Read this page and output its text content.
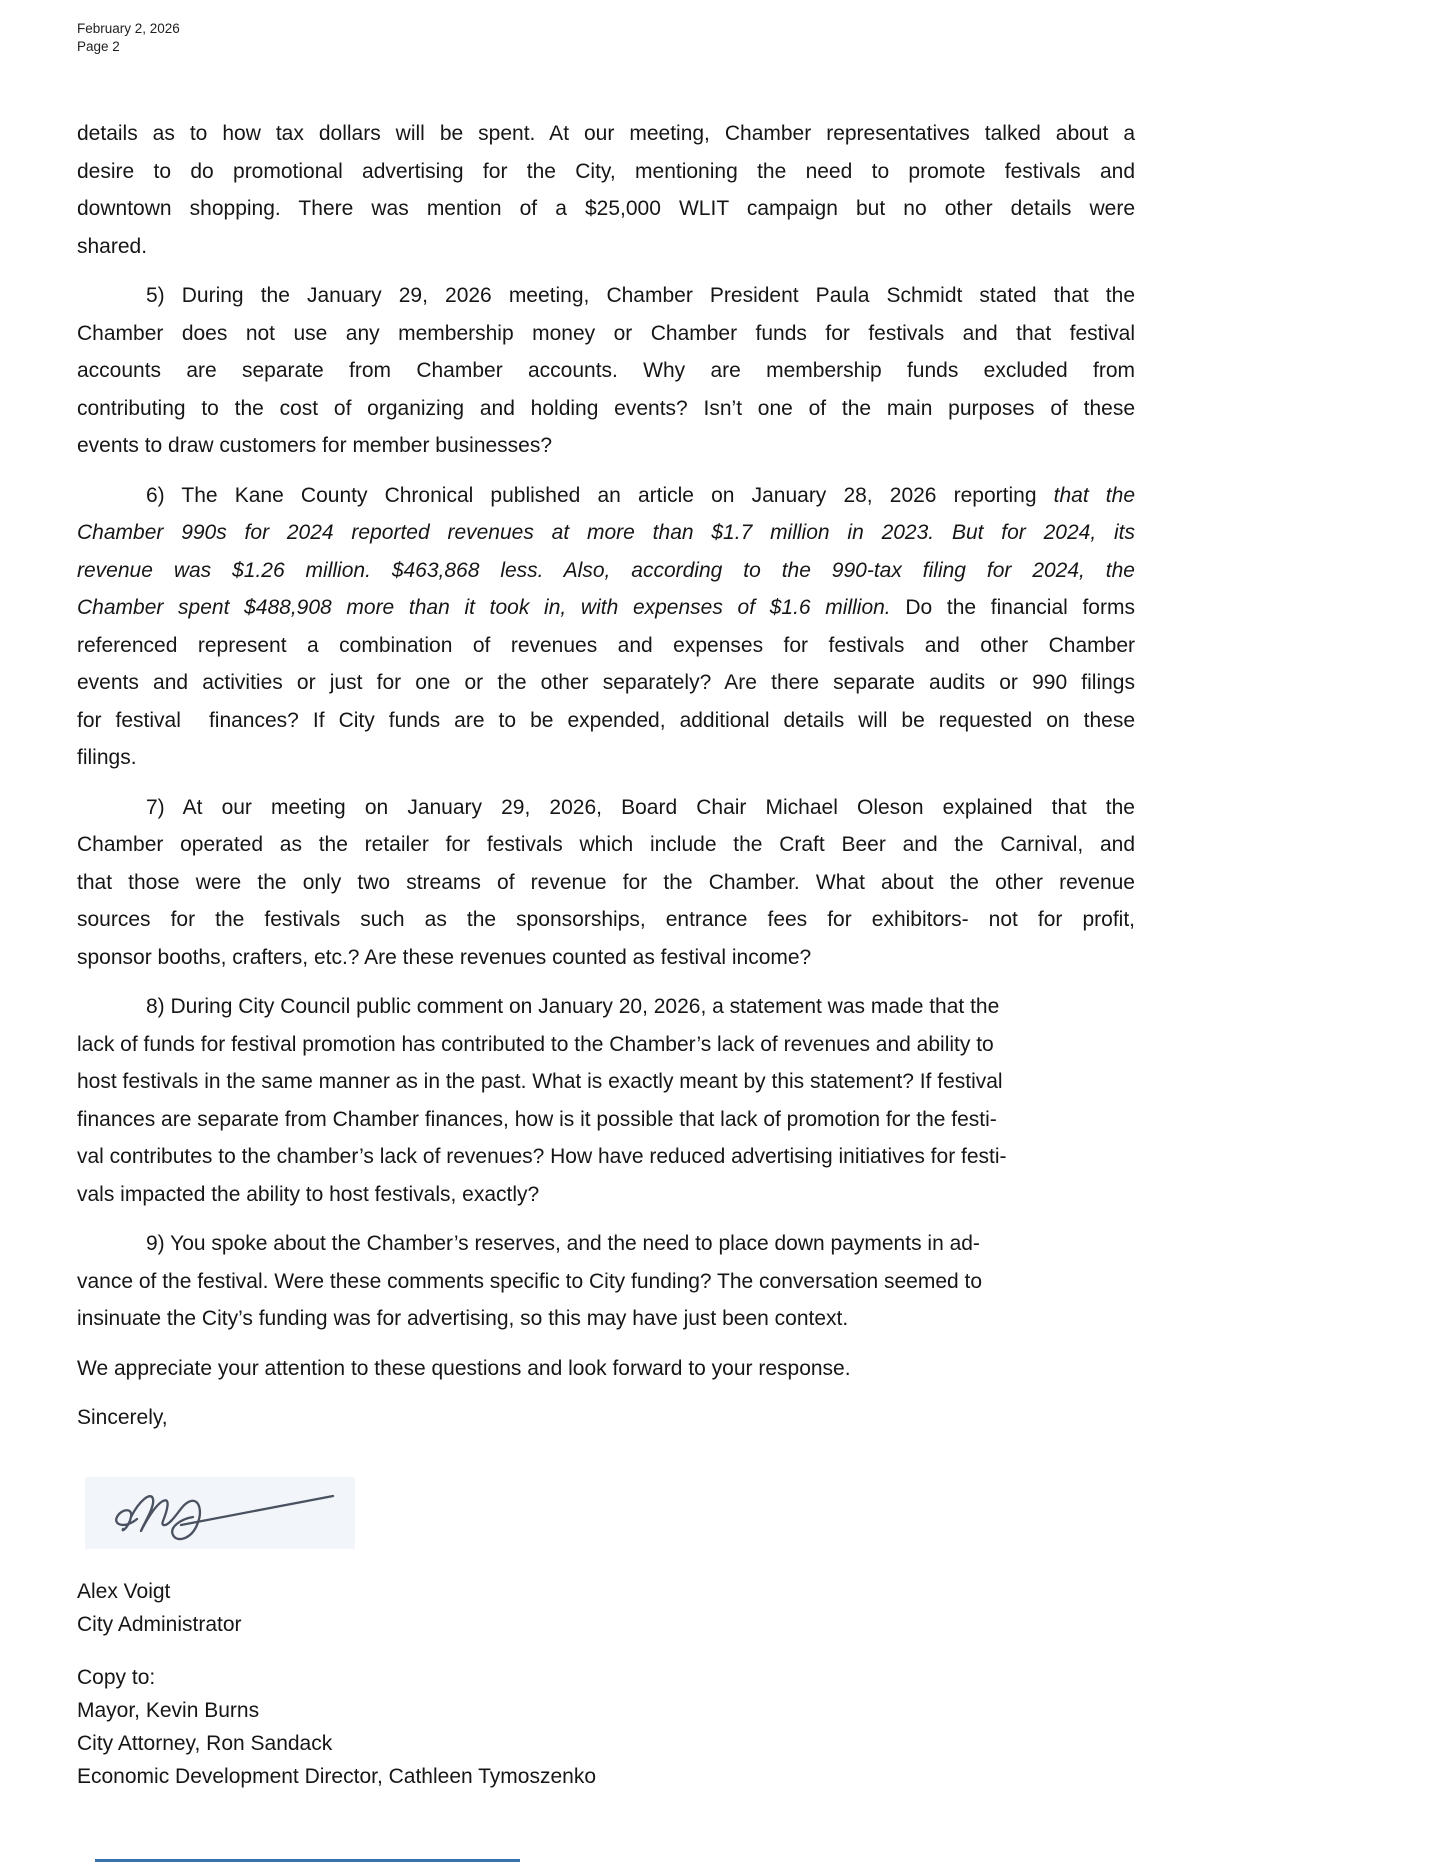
February 2, 2026
Page 2
details as to how tax dollars will be spent. At our meeting, Chamber representatives talked about a
desire to do promotional advertising for the City, mentioning the need to promote festivals and
downtown shopping. There was mention of a $25,000 WLIT campaign but no other details were
shared.
5) During the January 29, 2026 meeting, Chamber President Paula Schmidt stated that the
Chamber does not use any membership money or Chamber funds for festivals and that festival
accounts are separate from Chamber accounts. Why are membership funds excluded from
contributing to the cost of organizing and holding events? Isn’t one of the main purposes of these
events to draw customers for member businesses?
6) The Kane County Chronical published an article on January 28, 2026 reporting that the
Chamber 990s for 2024 reported revenues at more than $1.7 million in 2023. But for 2024, its
revenue was $1.26 million. $463,868 less. Also, according to the 990-tax filing for 2024, the
Chamber spent $488,908 more than it took in, with expenses of $1.6 million. Do the financial forms
referenced represent a combination of revenues and expenses for festivals and other Chamber
events and activities or just for one or the other separately? Are there separate audits or 990 filings
for festival  finances? If City funds are to be expended, additional details will be requested on these
filings.
7) At our meeting on January 29, 2026, Board Chair Michael Oleson explained that the
Chamber operated as the retailer for festivals which include the Craft Beer and the Carnival, and
that those were the only two streams of revenue for the Chamber. What about the other revenue
sources for the festivals such as the sponsorships, entrance fees for exhibitors- not for profit,
sponsor booths, crafters, etc.? Are these revenues counted as festival income?
8) During City Council public comment on January 20, 2026, a statement was made that the
lack of funds for festival promotion has contributed to the Chamber’s lack of revenues and ability to
host festivals in the same manner as in the past. What is exactly meant by this statement? If festival
finances are separate from Chamber finances, how is it possible that lack of promotion for the festi-
val contributes to the chamber’s lack of revenues? How have reduced advertising initiatives for festi-
vals impacted the ability to host festivals, exactly?
9) You spoke about the Chamber’s reserves, and the need to place down payments in ad-
vance of the festival. Were these comments specific to City funding? The conversation seemed to
insinuate the City’s funding was for advertising, so this may have just been context.
We appreciate your attention to these questions and look forward to your response.
Sincerely,
Alex Voigt
City Administrator
Copy to:
Mayor, Kevin Burns
City Attorney, Ron Sandack
Economic Development Director, Cathleen Tymoszenko
